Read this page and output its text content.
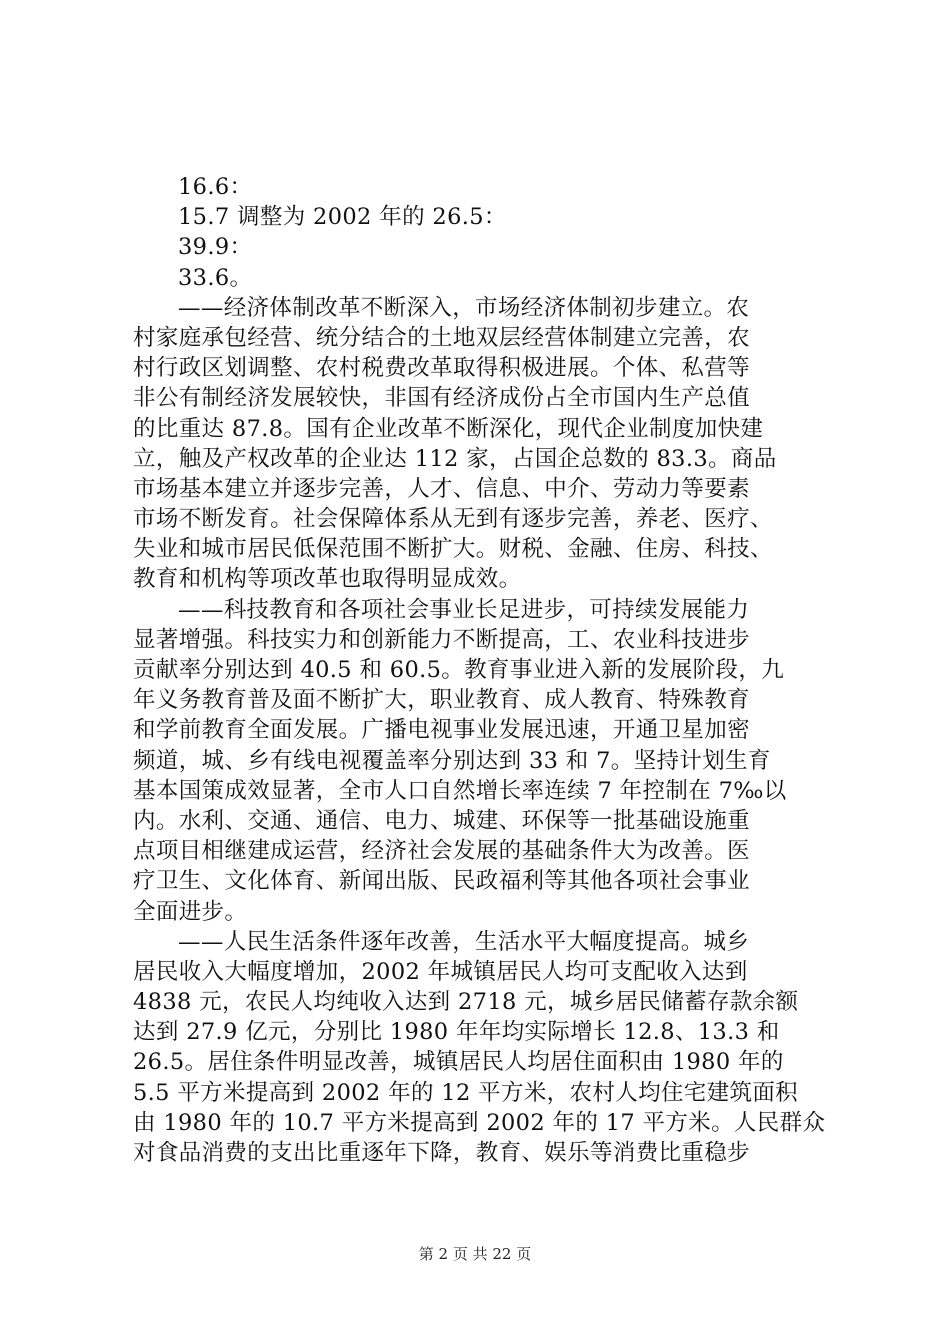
16.6：
15.7 调整为 2002 年的 26.5：
39.9：
33.6。
——经济体制改革不断深入，市场经济体制初步建立。农
村家庭承包经营、统分结合的土地双层经营体制建立完善，农
村行政区划调整、农村税费改革取得积极进展。个体、私营等
非公有制经济发展较快，非国有经济成份占全市国内生产总值
的比重达 87.8。国有企业改革不断深化，现代企业制度加快建
立，触及产权改革的企业达 112 家，占国企总数的 83.3。商品
市场基本建立并逐步完善，人才、信息、中介、劳动力等要素
市场不断发育。社会保障体系从无到有逐步完善，养老、医疗、
失业和城市居民低保范围不断扩大。财税、金融、住房、科技、
教育和机构等项改革也取得明显成效。
——科技教育和各项社会事业长足进步，可持续发展能力
显著增强。科技实力和创新能力不断提高，工、农业科技进步
贡献率分别达到 40.5 和 60.5。教育事业进入新的发展阶段，九
年义务教育普及面不断扩大，职业教育、成人教育、特殊教育
和学前教育全面发展。广播电视事业发展迅速，开通卫星加密
频道，城、乡有线电视覆盖率分别达到 33 和 7。坚持计划生育
基本国策成效显著，全市人口自然增长率连续 7 年控制在 7‰以
内。水利、交通、通信、电力、城建、环保等一批基础设施重
点项目相继建成运营，经济社会发展的基础条件大为改善。医
疗卫生、文化体育、新闻出版、民政福利等其他各项社会事业
全面进步。
——人民生活条件逐年改善，生活水平大幅度提高。城乡
居民收入大幅度增加，2002 年城镇居民人均可支配收入达到
4838 元，农民人均纯收入达到 2718 元，城乡居民储蓄存款余额
达到 27.9 亿元，分别比 1980 年年均实际增长 12.8、13.3 和
26.5。居住条件明显改善，城镇居民人均居住面积由 1980 年的
5.5 平方米提高到 2002 年的 12 平方米，农村人均住宅建筑面积
由 1980 年的 10.7 平方米提高到 2002 年的 17 平方米。人民群众
对食品消费的支出比重逐年下降，教育、娱乐等消费比重稳步
第 2 页 共 22 页
